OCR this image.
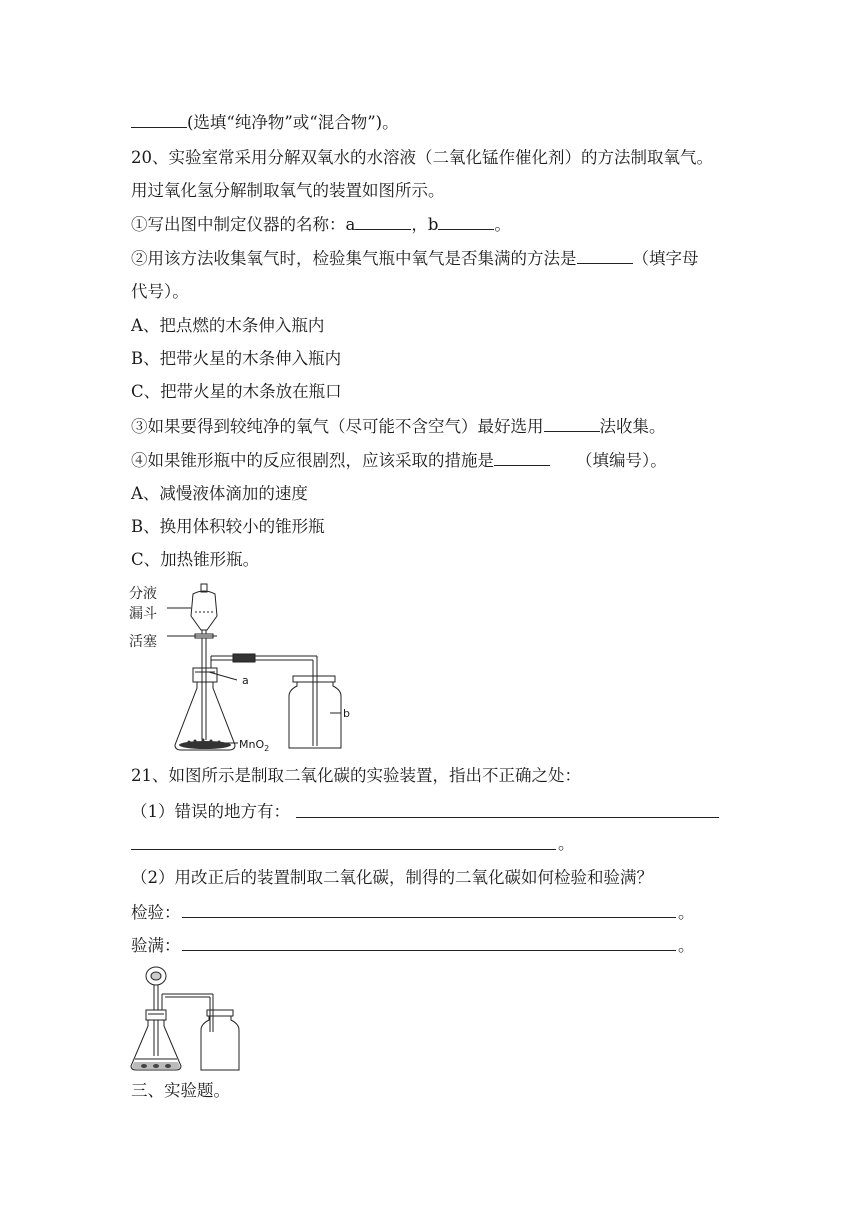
(选填“纯净物”或“混合物”)。
20、实验室常采用分解双氧水的水溶液（二氧化锰作催化剂）的方法制取氧气。
用过氧化氢分解制取氧气的装置如图所示。
①写出图中制定仪器的名称：a	，b	。
②用该方法收集氧气时，检验集气瓶中氧气是否集满的方法是	（填字母
代号）。
A、把点燃的木条伸入瓶内
B、把带火星的木条伸入瓶内
C、把带火星的木条放在瓶口
③如果要得到较纯净的氧气（尽可能不含空气）最好选用	法收集。
④如果锥形瓶中的反应很剧烈，应该采取的措施是	（填编号）。
A、减慢液体滴加的速度
B、换用体积较小的锥形瓶
C、加热锥形瓶。
分液
漏斗
活塞
a
b
MnO$_2$
21、如图所示是制取二氧化碳的实验装置，指出不正确之处：
（1）错误的地方有：
。
（2）用改正后的装置制取二氧化碳，制得的二氧化碳如何检验和验满？
检验：	。
验满：	。
三、实验题。
